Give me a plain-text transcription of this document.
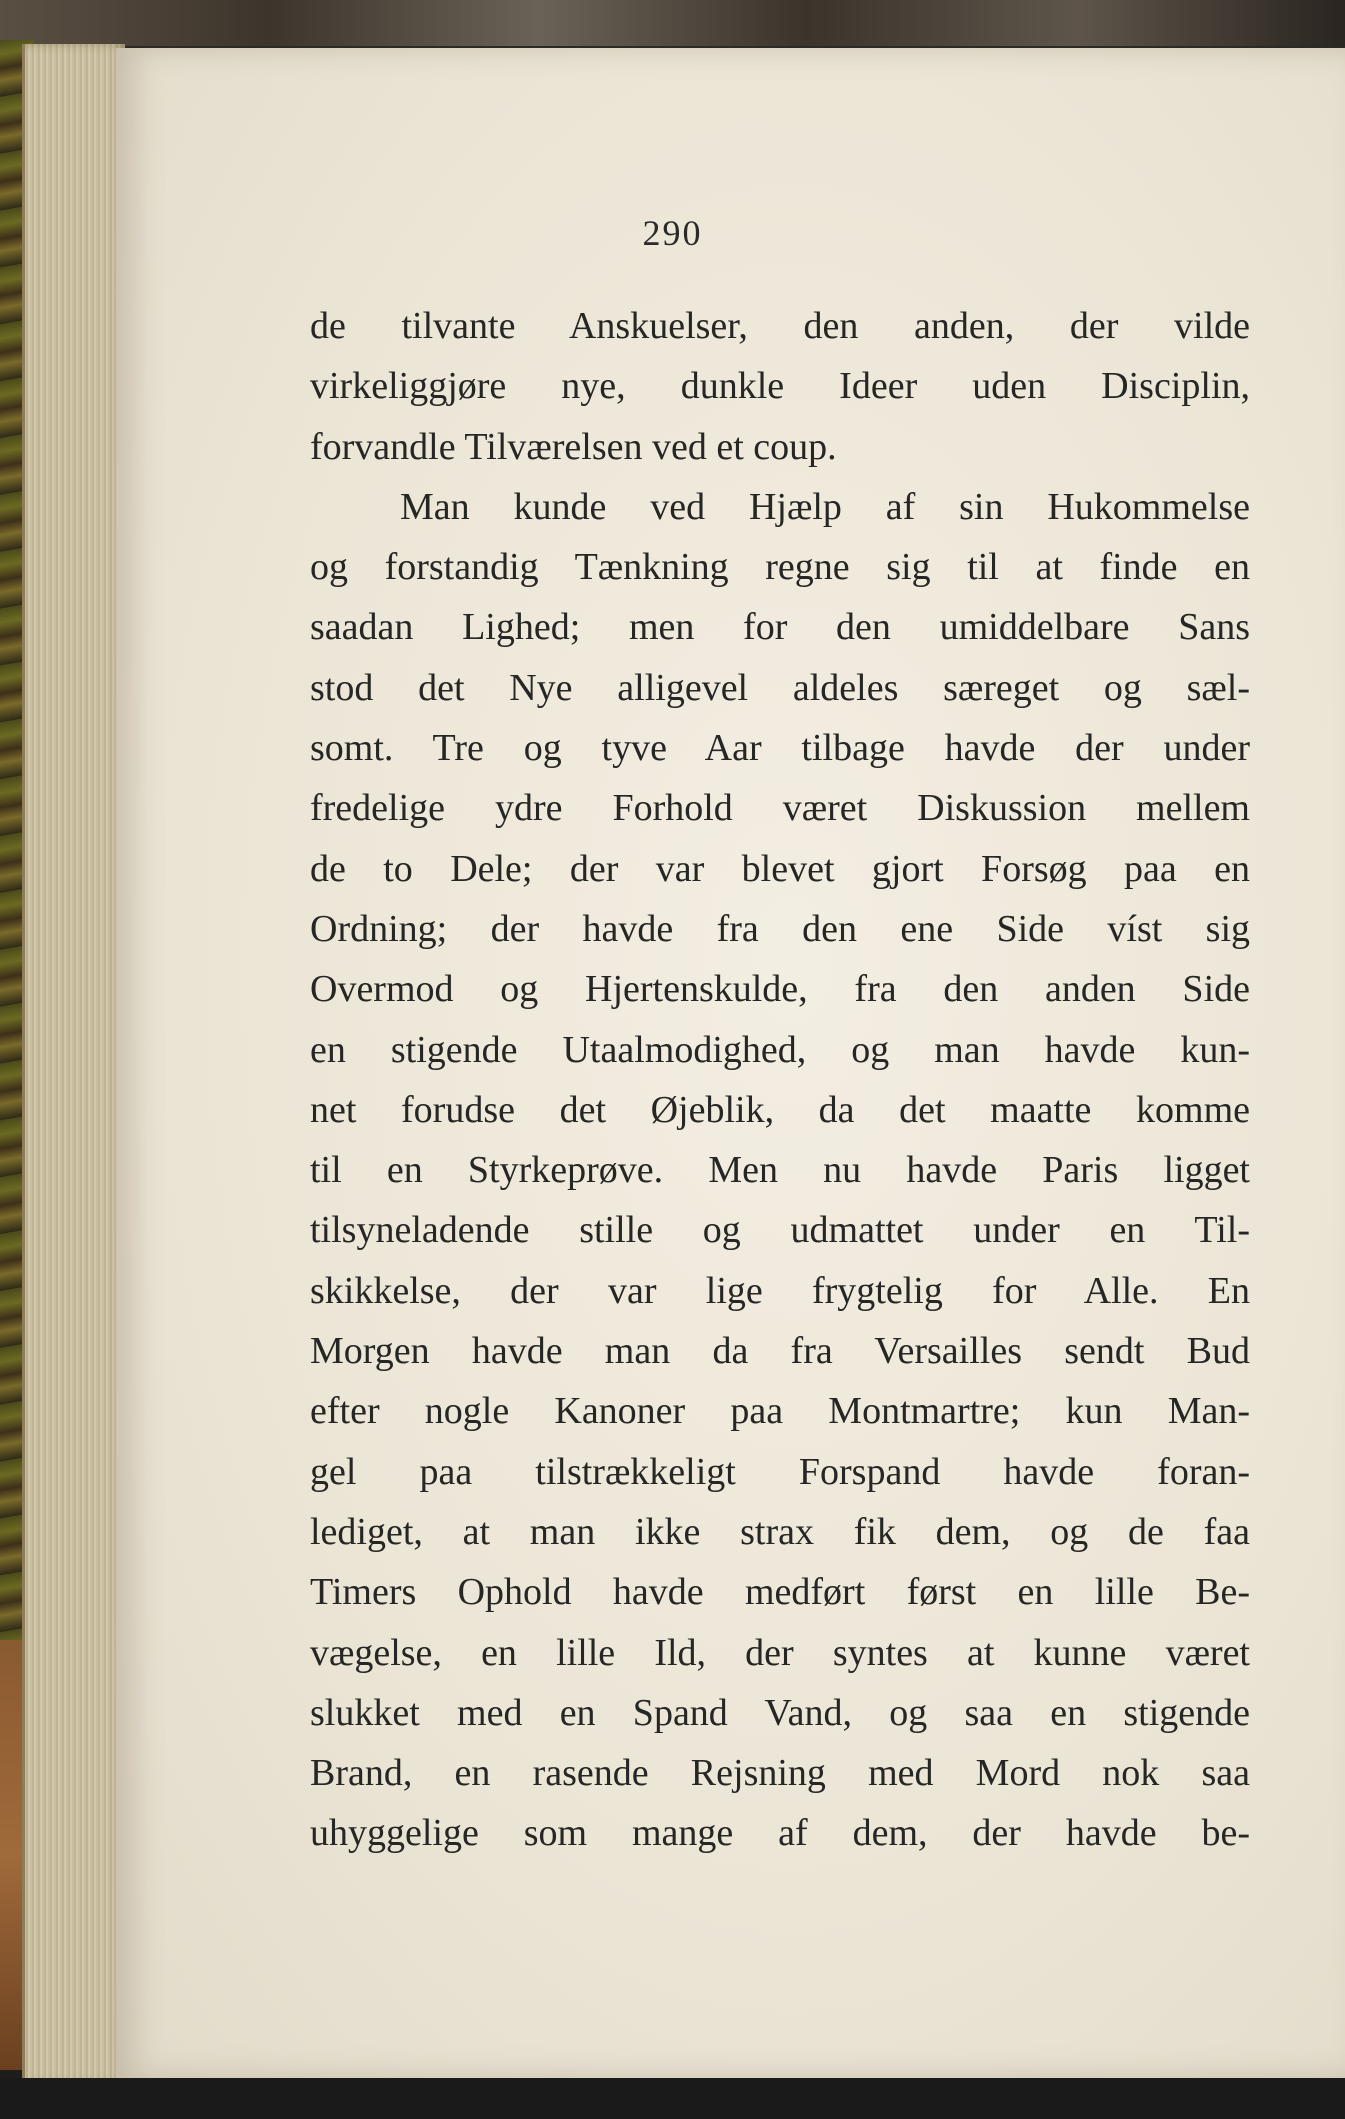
290
de tilvante Anskuelser, den anden, der vilde
virkeliggjøre nye, dunkle Ideer uden Disciplin,
forvandle Tilværelsen ved et coup.
Man kunde ved Hjælp af sin Hukommelse
og forstandig Tænkning regne sig til at finde en
saadan Lighed; men for den umiddelbare Sans
stod det Nye alligevel aldeles særeget og sæl-
somt. Tre og tyve Aar tilbage havde der under
fredelige ydre Forhold været Diskussion mellem
de to Dele; der var blevet gjort Forsøg paa en
Ordning; der havde fra den ene Side víst sig
Overmod og Hjertenskulde, fra den anden Side
en stigende Utaalmodighed, og man havde kun-
net forudse det Øjeblik, da det maatte komme
til en Styrkeprøve. Men nu havde Paris ligget
tilsyneladende stille og udmattet under en Til-
skikkelse, der var lige frygtelig for Alle. En
Morgen havde man da fra Versailles sendt Bud
efter nogle Kanoner paa Montmartre; kun Man-
gel paa tilstrækkeligt Forspand havde foran-
lediget, at man ikke strax fik dem, og de faa
Timers Ophold havde medført først en lille Be-
vægelse, en lille Ild, der syntes at kunne været
slukket med en Spand Vand, og saa en stigende
Brand, en rasende Rejsning med Mord nok saa
uhyggelige som mange af dem, der havde be-
